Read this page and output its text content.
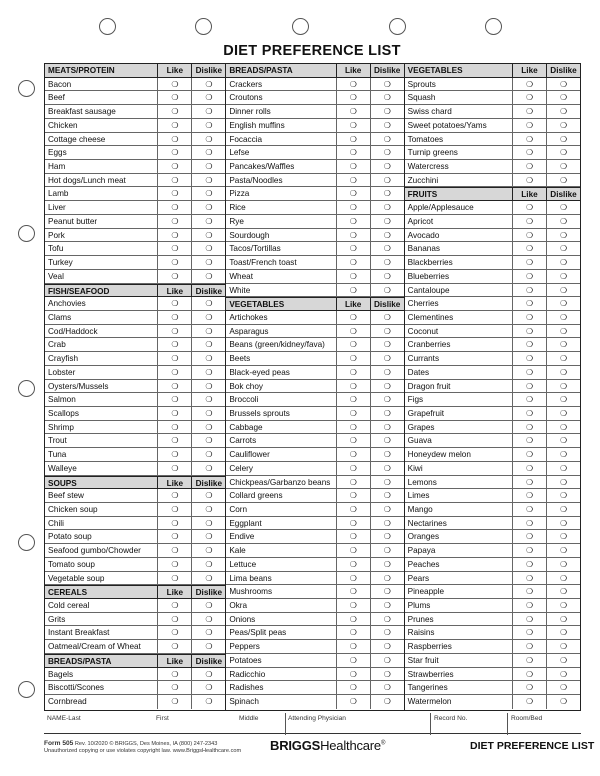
DIET PREFERENCE LIST
MEATS/PROTEIN	Like	Dislike
Bacon	❍	❍
Beef	❍	❍
Breakfast sausage	❍	❍
Chicken	❍	❍
Cottage cheese	❍	❍
Eggs	❍	❍
Ham	❍	❍
Hot dogs/Lunch meat	❍	❍
Lamb	❍	❍
Liver	❍	❍
Peanut butter	❍	❍
Pork	❍	❍
Tofu	❍	❍
Turkey	❍	❍
Veal	❍	❍
FISH/SEAFOOD	Like	Dislike
Anchovies	❍	❍
Clams	❍	❍
Cod/Haddock	❍	❍
Crab	❍	❍
Crayfish	❍	❍
Lobster	❍	❍
Oysters/Mussels	❍	❍
Salmon	❍	❍
Scallops	❍	❍
Shrimp	❍	❍
Trout	❍	❍
Tuna	❍	❍
Walleye	❍	❍
SOUPS	Like	Dislike
Beef stew	❍	❍
Chicken soup	❍	❍
Chili	❍	❍
Potato soup	❍	❍
Seafood gumbo/Chowder	❍	❍
Tomato soup	❍	❍
Vegetable soup	❍	❍
CEREALS	Like	Dislike
Cold cereal	❍	❍
Grits	❍	❍
Instant Breakfast	❍	❍
Oatmeal/Cream of Wheat	❍	❍
BREADS/PASTA	Like	Dislike
Bagels	❍	❍
Biscotti/Scones	❍	❍
Cornbread	❍	❍
BREADS/PASTA	Like	Dislike
Crackers	❍	❍
Croutons	❍	❍
Dinner rolls	❍	❍
English muffins	❍	❍
Focaccia	❍	❍
Lefse	❍	❍
Pancakes/Waffles	❍	❍
Pasta/Noodles	❍	❍
Pizza	❍	❍
Rice	❍	❍
Rye	❍	❍
Sourdough	❍	❍
Tacos/Tortillas	❍	❍
Toast/French toast	❍	❍
Wheat	❍	❍
White	❍	❍
VEGETABLES	Like	Dislike
Artichokes	❍	❍
Asparagus	❍	❍
Beans (green/kidney/fava)	❍	❍
Beets	❍	❍
Black-eyed peas	❍	❍
Bok choy	❍	❍
Broccoli	❍	❍
Brussels sprouts	❍	❍
Cabbage	❍	❍
Carrots	❍	❍
Cauliflower	❍	❍
Celery	❍	❍
Chickpeas/Garbanzo beans	❍	❍
Collard greens	❍	❍
Corn	❍	❍
Eggplant	❍	❍
Endive	❍	❍
Kale	❍	❍
Lettuce	❍	❍
Lima beans	❍	❍
Mushrooms	❍	❍
Okra	❍	❍
Onions	❍	❍
Peas/Split peas	❍	❍
Peppers	❍	❍
Potatoes	❍	❍
Radicchio	❍	❍
Radishes	❍	❍
Spinach	❍	❍
VEGETABLES	Like	Dislike
Sprouts	❍	❍
Squash	❍	❍
Swiss chard	❍	❍
Sweet potatoes/Yams	❍	❍
Tomatoes	❍	❍
Turnip greens	❍	❍
Watercress	❍	❍
Zucchini	❍	❍
FRUITS	Like	Dislike
Apple/Applesauce	❍	❍
Apricot	❍	❍
Avocado	❍	❍
Bananas	❍	❍
Blackberries	❍	❍
Blueberries	❍	❍
Cantaloupe	❍	❍
Cherries	❍	❍
Clementines	❍	❍
Coconut	❍	❍
Cranberries	❍	❍
Currants	❍	❍
Dates	❍	❍
Dragon fruit	❍	❍
Figs	❍	❍
Grapefruit	❍	❍
Grapes	❍	❍
Guava	❍	❍
Honeydew melon	❍	❍
Kiwi	❍	❍
Lemons	❍	❍
Limes	❍	❍
Mango	❍	❍
Nectarines	❍	❍
Oranges	❍	❍
Papaya	❍	❍
Peaches	❍	❍
Pears	❍	❍
Pineapple	❍	❍
Plums	❍	❍
Prunes	❍	❍
Raisins	❍	❍
Raspberries	❍	❍
Star fruit	❍	❍
Strawberries	❍	❍
Tangerines	❍	❍
Watermelon	❍	❍
NAME-Last	First	Middle	Attending Physician	Record No.	Room/Bed
Form 505 Rev. 10/2020 © BRIGGS, Des Moines, IA (800) 247-2343
Unauthorized copying or use violates copyright law. www.BriggsHealthcare.com	BRIGGSHealthcare®	DIET PREFERENCE LIST
